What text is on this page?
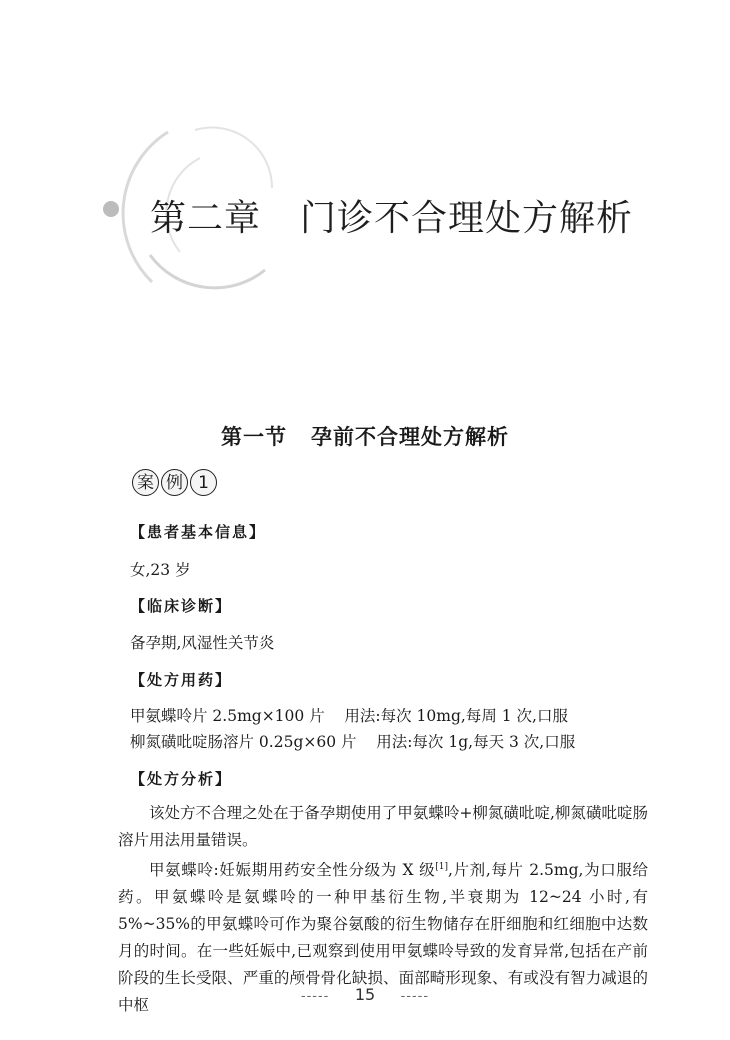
第二章 门诊不合理处方解析
第一节 孕前不合理处方解析
案 例 1
【患者基本信息】
女,23 岁
【临床诊断】
备孕期,风湿性关节炎
【处方用药】
甲氨蝶呤片 2.5mg×100 片    用法:每次 10mg,每周 1 次,口服
柳氮磺吡啶肠溶片 0.25g×60 片    用法:每次 1g,每天 3 次,口服
【处方分析】
该处方不合理之处在于备孕期使用了甲氨蝶呤+柳氮磺吡啶,柳氮磺吡啶肠溶片用法用量错误。
甲氨蝶呤:妊娠期用药安全性分级为 X 级[1],片剂,每片 2.5mg,为口服给药。甲氨蝶呤是氨蝶呤的一种甲基衍生物,半衰期为 12~24 小时,有 5%~35%的甲氨蝶呤可作为聚谷氨酸的衍生物储存在肝细胞和红细胞中达数月的时间。在一些妊娠中,已观察到使用甲氨蝶呤导致的发育异常,包括在产前阶段的生长受限、严重的颅骨骨化缺损、面部畸形现象、有或没有智力减退的中枢	----- 15 -----
